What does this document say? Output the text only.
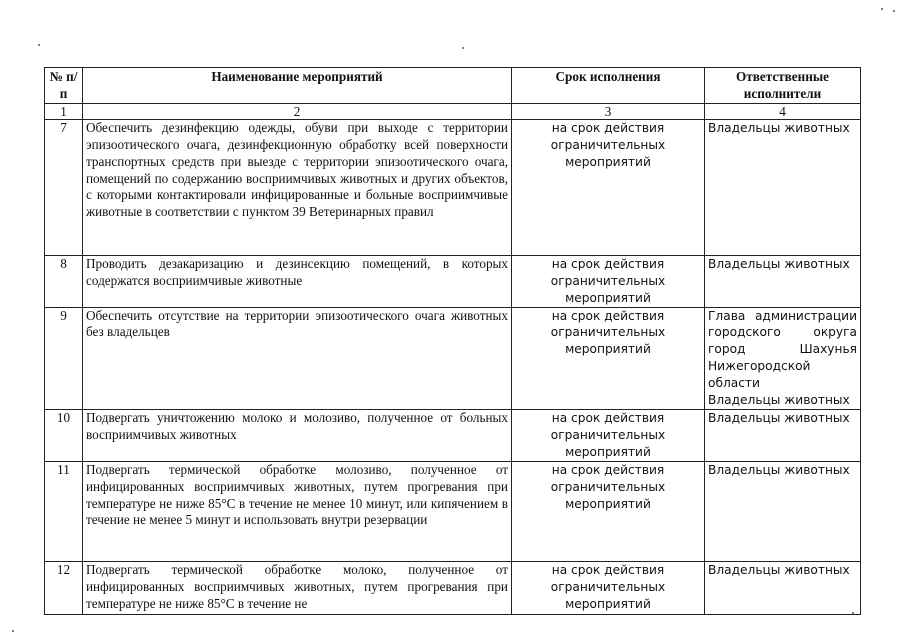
№ п/п	Наименование мероприятий	Срок исполнения	Ответственные исполнители
1	2	3	4
7	Обеспечить дезинфекцию одежды, обуви при выходе с территории эпизоотического очага, дезинфекционную обработку всей поверхности транспортных средств при выезде с территории эпизоотического очага, помещений по содержанию восприимчивых животных и других объектов, с которыми контактировали инфицированные и больные восприимчивые животные в соответствии с пунктом 39 Ветеринарных правил	на срок действия ограничительных мероприятий	Владельцы животных

8	Проводить дезакаризацию и дезинсекцию помещений, в которых содержатся восприимчивые животные	на срок действия ограничительных мероприятий	Владельцы животных

9	Обеспечить отсутствие на территории эпизоотического очага животных без владельцев	на срок действия ограничительных мероприятий	Глава администрации городского округа город Шахунья Нижегородской области
Владельцы животных

10	Подвергать уничтожению молоко и молозиво, полученное от больных восприимчивых животных	на срок действия ограничительных мероприятий	Владельцы животных

11	Подвергать термической обработке молозиво, полученное от инфицированных восприимчивых животных, путем прогревания при температуре не ниже 85°С в течение не менее 10 минут, или кипячением в течение не менее 5 минут и использовать внутри резервации	на срок действия ограничительных мероприятий	Владельцы животных

12	Подвергать термической обработке молоко, полученное от инфицированных восприимчивых животных, путем прогревания при температуре не ниже 85°С в течение не	на срок действия ограничительных мероприятий	Владельцы животных
